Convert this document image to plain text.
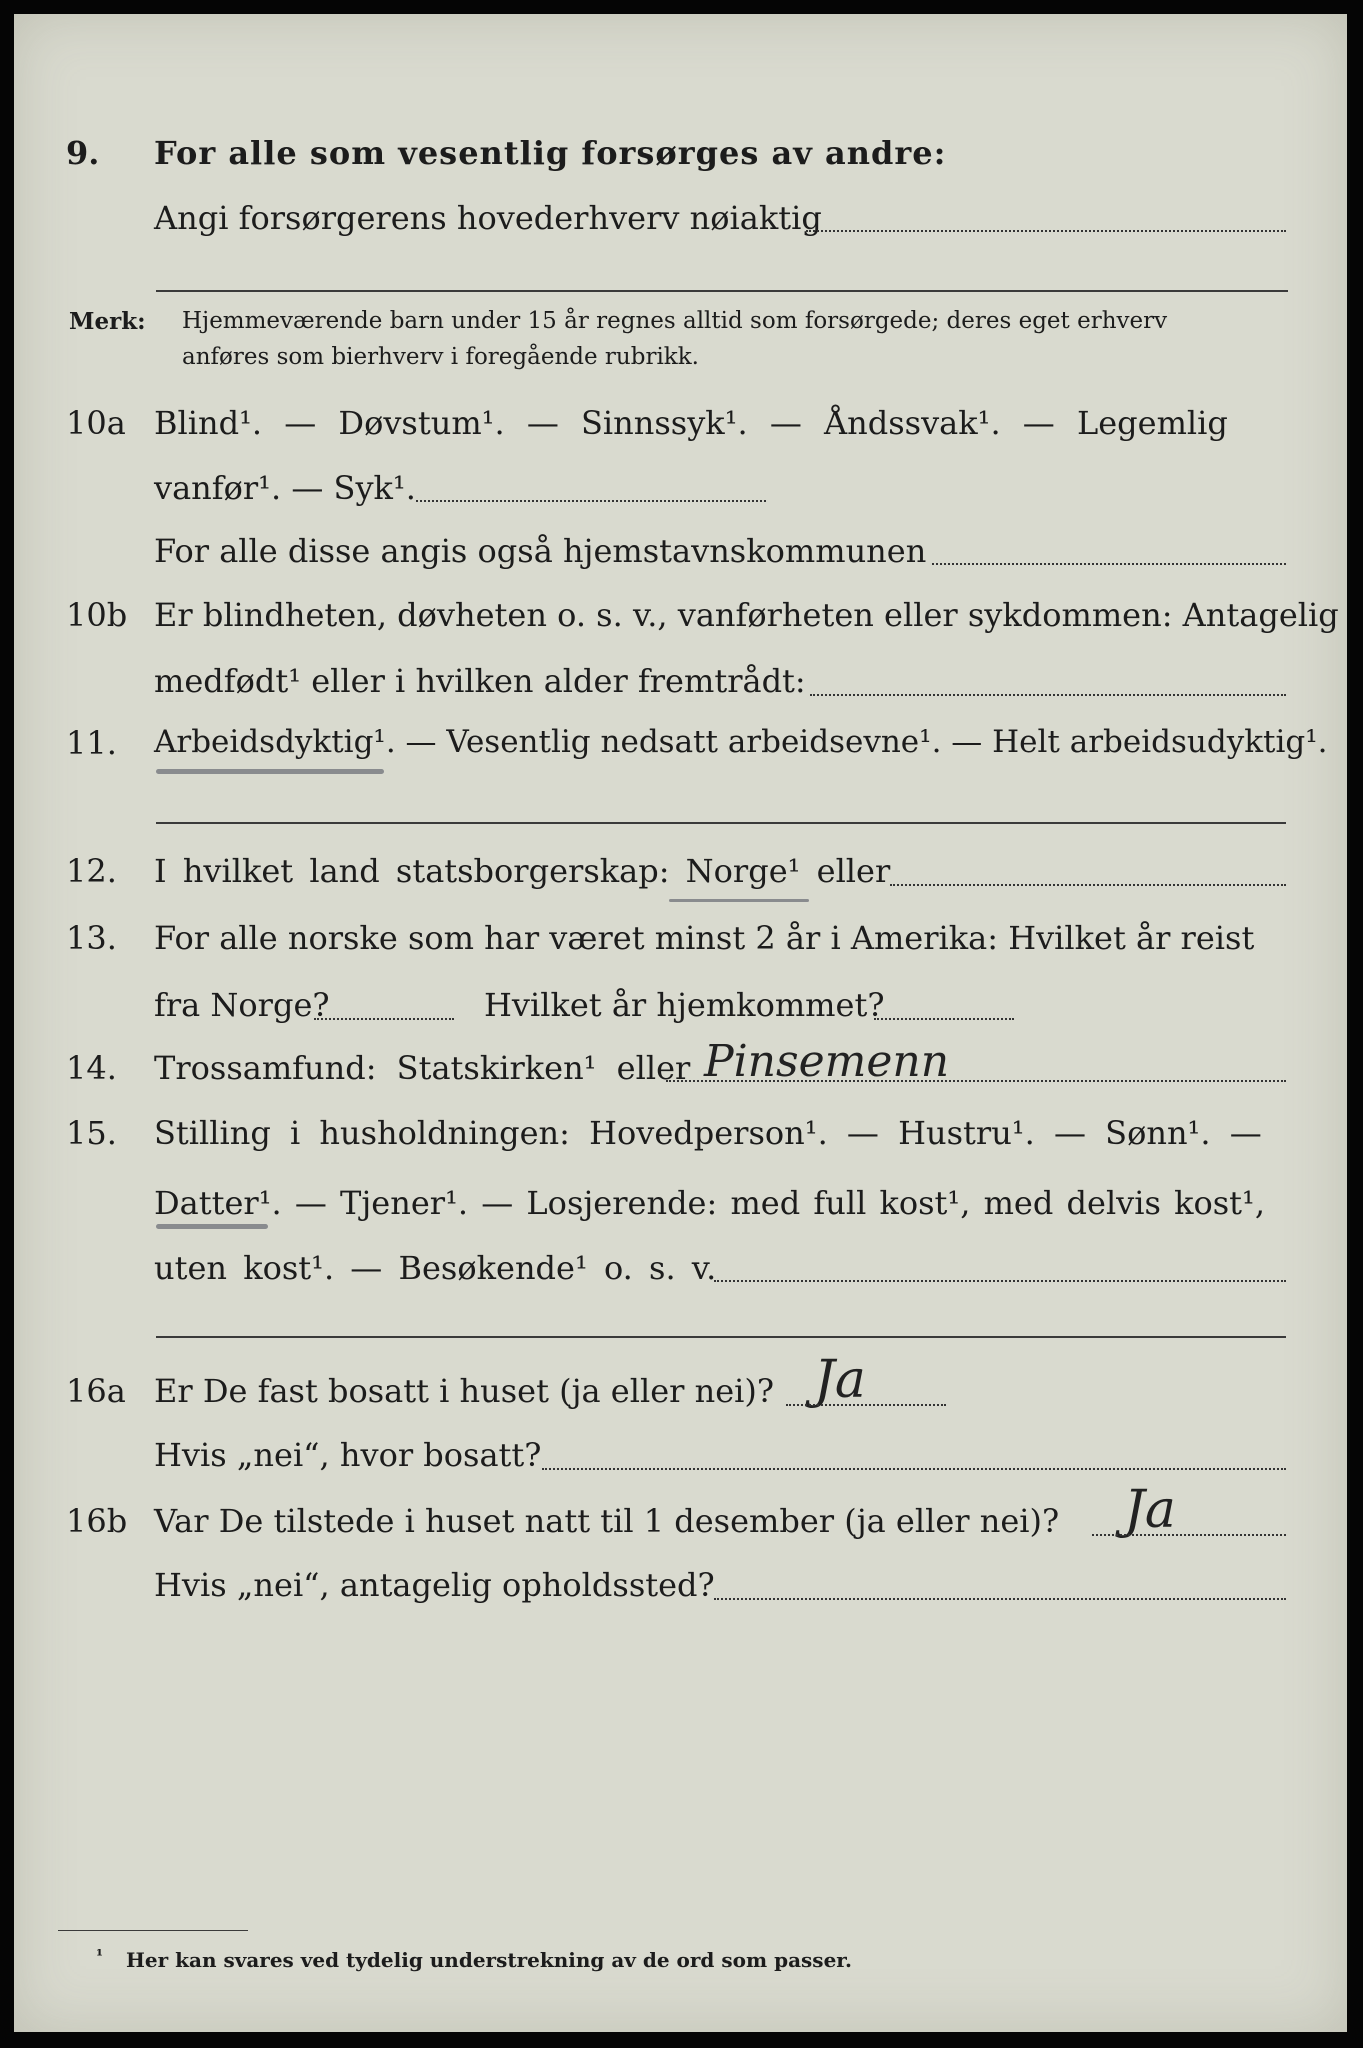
9. For alle som vesentlig forsørges av andre:
Angi forsørgerens hovederhverv nøiaktig
Merk: Hjemmeværende barn under 15 år regnes alltid som forsørgede; deres eget erhverv
anføres som bierhverv i foregående rubrikk.
10a Blind¹. — Døvstum¹. — Sinnssyk¹. — Åndssvak¹. — Legemlig
vanfør¹. — Syk¹.
For alle disse angis også hjemstavnskommunen
10b Er blindheten, døvheten o. s. v., vanførheten eller sykdommen: Antagelig
medfødt¹ eller i hvilken alder fremtrådt:
11. Arbeidsdyktig¹. — Vesentlig nedsatt arbeidsevne¹. — Helt arbeidsudyktig¹.
12. I hvilket land statsborgerskap: Norge¹ eller
13. For alle norske som har været minst 2 år i Amerika: Hvilket år reist
fra Norge?	Hvilket år hjemkommet?
14. Trossamfund: Statskirken¹ eller Pinsemenn
15. Stilling i husholdningen: Hovedperson¹. — Hustru¹. — Sønn¹. —
Datter¹. — Tjener¹. — Losjerende: med full kost¹, med delvis kost¹,
uten kost¹. — Besøkende¹ o. s. v.
16a Er De fast bosatt i huset (ja eller nei)? Ja
Hvis „nei“, hvor bosatt?
16b Var De tilstede i huset natt til 1 desember (ja eller nei)? Ja
Hvis „nei“, antagelig opholdssted?
¹ Her kan svares ved tydelig understrekning av de ord som passer.
